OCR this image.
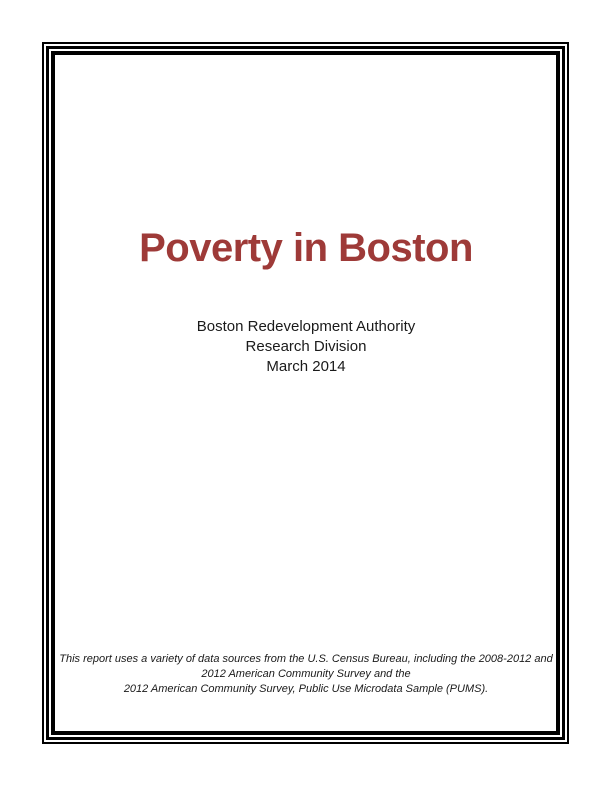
Poverty in Boston
Boston Redevelopment Authority
Research Division
March 2014
This report uses a variety of data sources from the U.S. Census Bureau, including the 2008-2012 and
2012 American Community Survey and the
2012 American Community Survey, Public Use Microdata Sample (PUMS).
